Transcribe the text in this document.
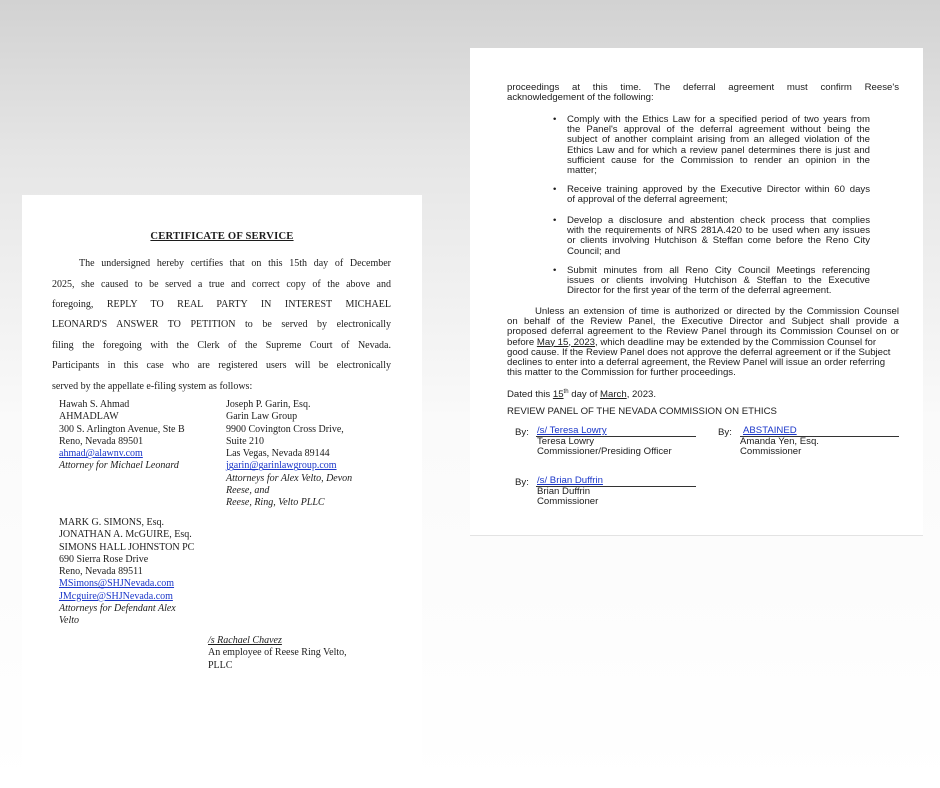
CERTIFICATE OF SERVICE
The undersigned hereby certifies that on this 15th day of December
2025, she caused to be served a true and correct copy of the above and
foregoing, REPLY TO REAL PARTY IN INTEREST MICHAEL
LEONARD'S ANSWER TO PETITION to be served by electronically
filing the foregoing with the Clerk of the Supreme Court of Nevada.
Participants in this case who are registered users will be electronically
served by the appellate e-filing system as follows:
Hawah S. Ahmad
AHMADLAW
300 S. Arlington Avenue, Ste B
Reno, Nevada 89501
ahmad@alawnv.com
Attorney for Michael Leonard
Joseph P. Garin, Esq.
Garin Law Group
9900 Covington Cross Drive,
Suite 210
Las Vegas, Nevada 89144
jgarin@garinlawgroup.com
Attorneys for Alex Velto, Devon
Reese, and
Reese, Ring, Velto PLLC
MARK G. SIMONS, Esq.
JONATHAN A. McGUIRE, Esq.
SIMONS HALL JOHNSTON PC
690 Sierra Rose Drive
Reno, Nevada 89511
MSimons@SHJNevada.com
JMcguire@SHJNevada.com
Attorneys for Defendant Alex
Velto
/s Rachael Chavez
An employee of Reese Ring Velto,
PLLC
proceedings at this time. The deferral agreement must confirm Reese's
acknowledgement of the following:
• Comply with the Ethics Law for a specified period of two years from
the Panel's approval of the deferral agreement without being the
subject of another complaint arising from an alleged violation of the
Ethics Law and for which a review panel determines there is just and
sufficient cause for the Commission to render an opinion in the
matter;
• Receive training approved by the Executive Director within 60 days
of approval of the deferral agreement;
• Develop a disclosure and abstention check process that complies
with the requirements of NRS 281A.420 to be used when any issues
or clients involving Hutchison & Steffan come before the Reno City
Council; and
• Submit minutes from all Reno City Council Meetings referencing
issues or clients involving Hutchison & Steffan to the Executive
Director for the first year of the term of the deferral agreement.
Unless an extension of time is authorized or directed by the Commission Counsel
on behalf of the Review Panel, the Executive Director and Subject shall provide a
proposed deferral agreement to the Review Panel through its Commission Counsel on or
before May 15, 2023, which deadline may be extended by the Commission Counsel for
good cause. If the Review Panel does not approve the deferral agreement or if the Subject
declines to enter into a deferral agreement, the Review Panel will issue an order referring
this matter to the Commission for further proceedings.
Dated this 15th day of March, 2023.
REVIEW PANEL OF THE NEVADA COMMISSION ON ETHICS
By: /s/ Teresa Lowry
Teresa Lowry
Commissioner/Presiding Officer
By: ABSTAINED
Amanda Yen, Esq.
Commissioner
By: /s/ Brian Duffrin
Brian Duffrin
Commissioner
